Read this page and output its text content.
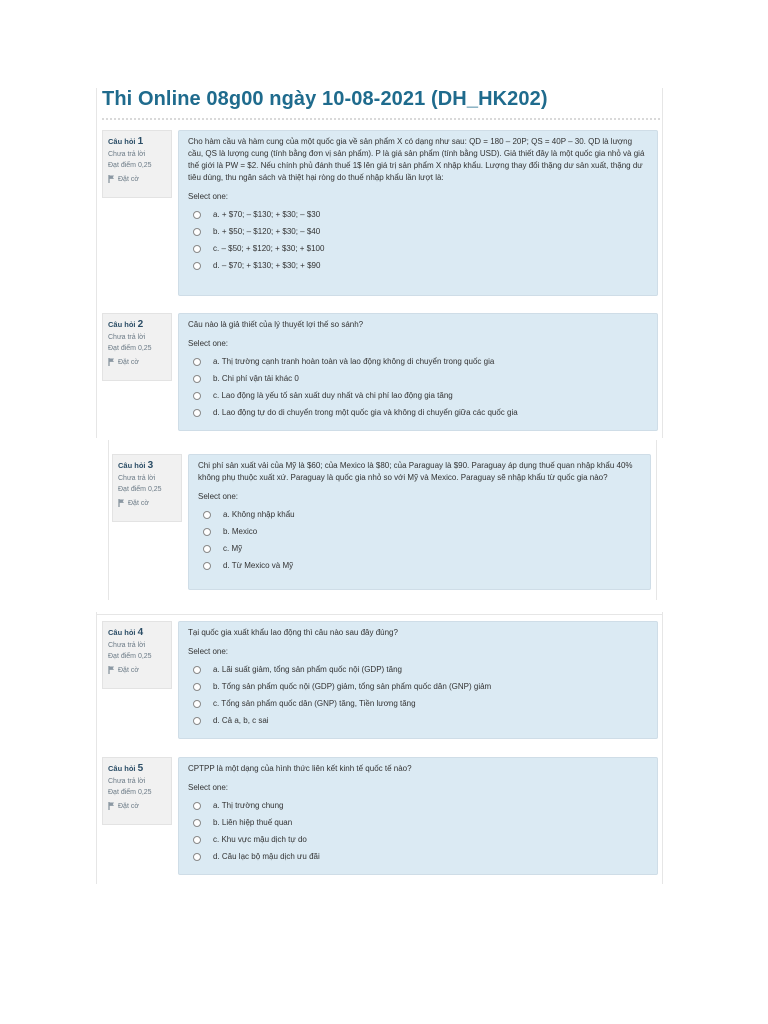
Thi Online 08g00 ngày 10-08-2021 (DH_HK202)
Câu hỏi 1
Chưa trả lời
Đạt điểm 0,25
Đặt cờ

Cho hàm cầu và hàm cung của một quốc gia về sản phẩm X có dạng như sau: QD = 180 – 20P; QS = 40P – 30. QD là lượng cầu, QS là lượng cung (tính bằng đơn vị sản phẩm). P là giá sản phẩm (tính bằng USD). Giả thiết đây là một quốc gia nhỏ và giá thế giới là PW = $2. Nếu chính phủ đánh thuế 1$ lên giá trị sản phẩm X nhập khẩu. Lượng thay đổi thặng dư sản xuất, thặng dư tiêu dùng, thu ngân sách và thiệt hại ròng do thuế nhập khẩu lần lượt là:

Select one:
a. + $70; – $130; + $30; – $30
b. + $50; – $120; + $30; – $40
c. – $50; + $120; + $30; + $100
d. – $70; + $130; + $30; + $90
Câu hỏi 2
Chưa trả lời
Đạt điểm 0,25
Đặt cờ

Câu nào là giả thiết của lý thuyết lợi thế so sánh?

Select one:
a. Thị trường cạnh tranh hoàn toàn và lao động không di chuyển trong quốc gia
b. Chi phí vận tải khác 0
c. Lao động là yếu tố sản xuất duy nhất và chi phí lao động gia tăng
d. Lao động tự do di chuyển trong một quốc gia và không di chuyển giữa các quốc gia
Câu hỏi 3
Chưa trả lời
Đạt điểm 0,25
Đặt cờ

Chi phí sản xuất vải của Mỹ là $60; của Mexico là $80; của Paraguay là $90. Paraguay áp dụng thuế quan nhập khẩu 40% không phụ thuộc xuất xứ. Paraguay là quốc gia nhỏ so với Mỹ và Mexico. Paraguay sẽ nhập khẩu từ quốc gia nào?

Select one:
a. Không nhập khẩu
b. Mexico
c. Mỹ
d. Từ Mexico và Mỹ
Câu hỏi 4
Chưa trả lời
Đạt điểm 0,25
Đặt cờ

Tại quốc gia xuất khẩu lao động thì câu nào sau đây đúng?

Select one:
a. Lãi suất giảm, tổng sản phẩm quốc nội (GDP) tăng
b. Tổng sản phẩm quốc nội (GDP) giảm, tổng sản phẩm quốc dân (GNP) giảm
c. Tổng sản phẩm quốc dân (GNP) tăng, Tiền lương tăng
d. Cả a, b, c sai
Câu hỏi 5
Chưa trả lời
Đạt điểm 0,25
Đặt cờ

CPTPP là một dạng của hình thức liên kết kinh tế quốc tế nào?

Select one:
a. Thị trường chung
b. Liên hiệp thuế quan
c. Khu vực mậu dịch tự do
d. Câu lạc bộ mậu dịch ưu đãi
